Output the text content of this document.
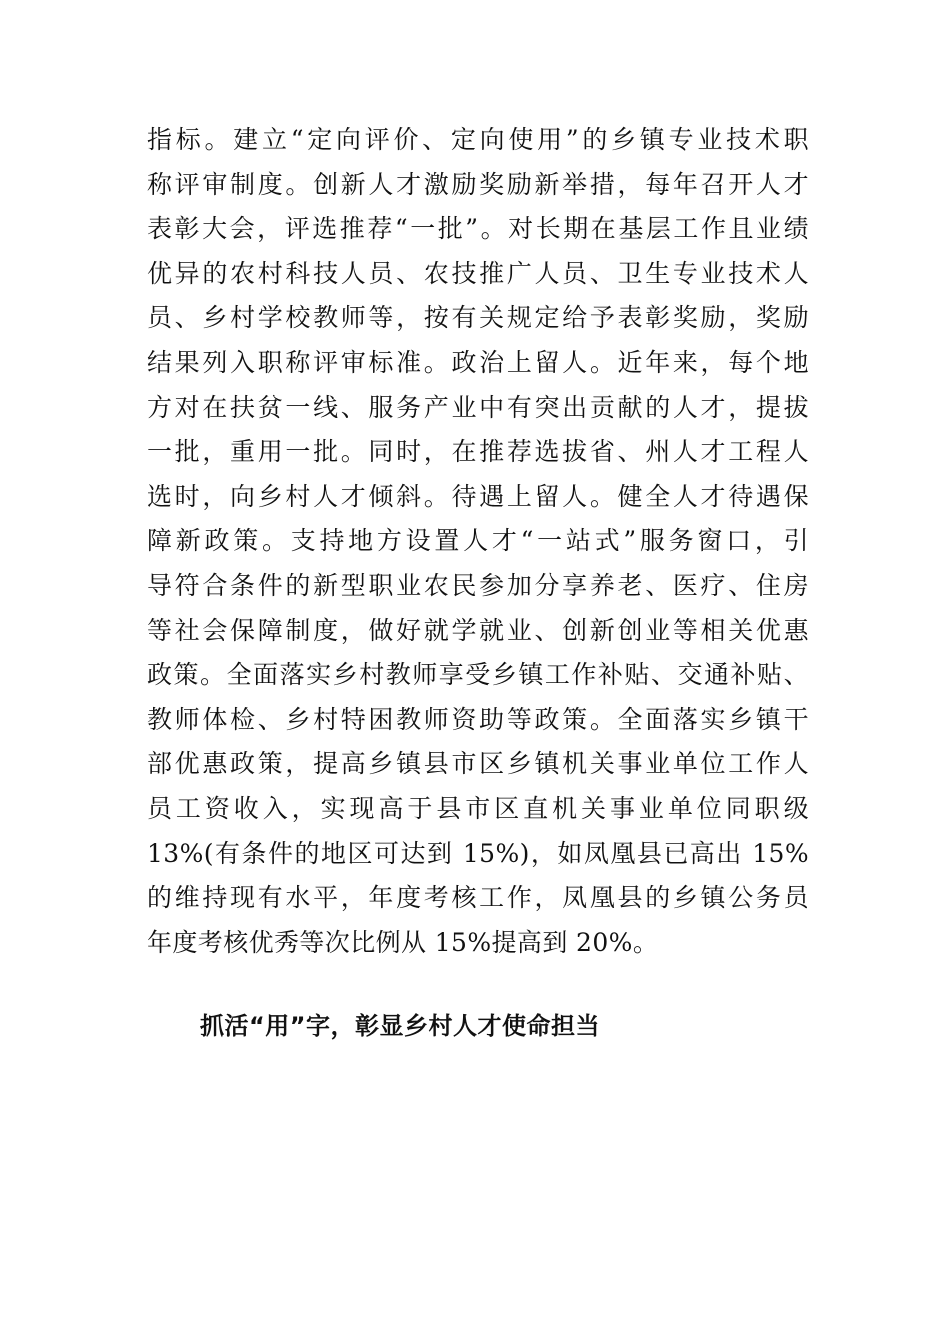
指标。建立“定向评价、定向使用”的乡镇专业技术职
称评审制度。创新人才激励奖励新举措，每年召开人才
表彰大会，评选推荐“一批”。对长期在基层工作且业绩
优异的农村科技人员、农技推广人员、卫生专业技术人
员、乡村学校教师等，按有关规定给予表彰奖励，奖励
结果列入职称评审标准。政治上留人。近年来，每个地
方对在扶贫一线、服务产业中有突出贡献的人才，提拔
一批，重用一批。同时，在推荐选拔省、州人才工程人
选时，向乡村人才倾斜。待遇上留人。健全人才待遇保
障新政策。支持地方设置人才“一站式”服务窗口，引
导符合条件的新型职业农民参加分享养老、医疗、住房
等社会保障制度，做好就学就业、创新创业等相关优惠
政策。全面落实乡村教师享受乡镇工作补贴、交通补贴、
教师体检、乡村特困教师资助等政策。全面落实乡镇干
部优惠政策，提高乡镇县市区乡镇机关事业单位工作人
员工资收入，实现高于县市区直机关事业单位同职级
13%(有条件的地区可达到 15%)，如凤凰县已高出 15%
的维持现有水平，年度考核工作，凤凰县的乡镇公务员
年度考核优秀等次比例从 15%提高到 20%。
抓活“用”字，彰显乡村人才使命担当
